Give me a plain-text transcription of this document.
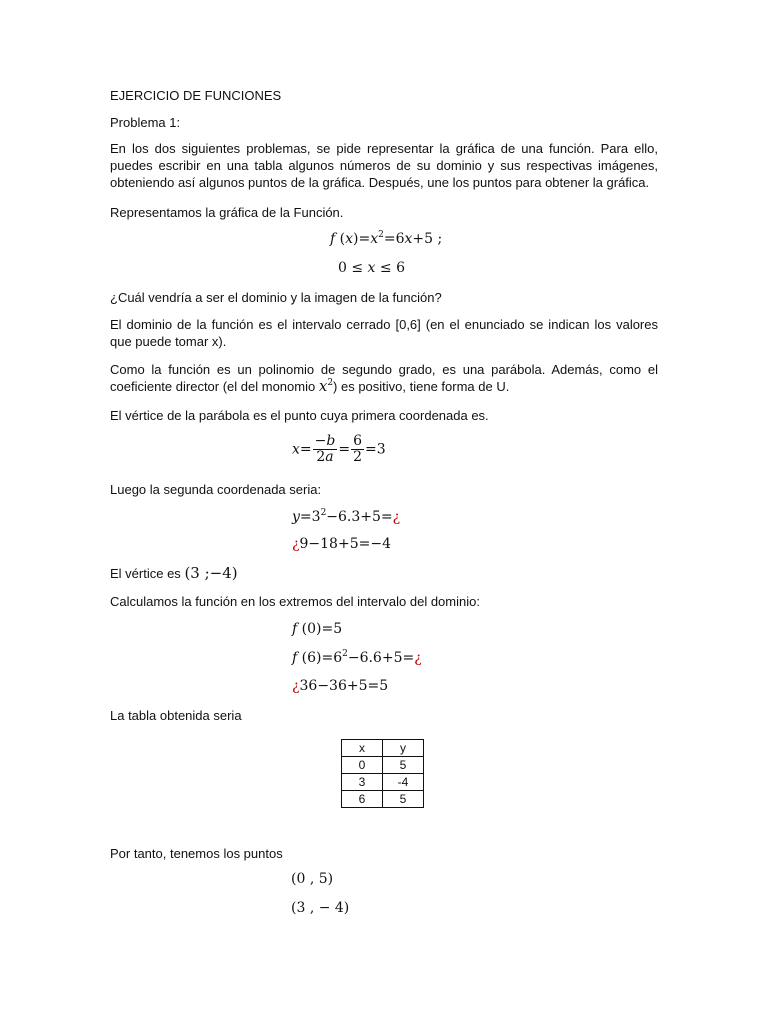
EJERCICIO DE FUNCIONES

Problema 1:

En los dos siguientes problemas, se pide representar la gráfica de una función. Para ello, puedes escribir en una tabla algunos números de su dominio y sus respectivas imágenes, obteniendo así algunos puntos de la gráfica. Después, une los puntos para obtener la gráfica.

Representamos la gráfica de la Función.

f $(x)=x^2=6x+5$ ;
0 ≤ x ≤ 6

¿Cuál vendría a ser el dominio y la imagen de la función?

El dominio de la función es el intervalo cerrado [0,6] (en el enunciado se indican los valores que puede tomar x).

Como la función es un polinomio de segundo grado, es una parábola. Además, como el coeficiente director (el del monomio $x^2$) es positivo, tiene forma de U.

El vértice de la parábola es el punto cuya primera coordenada es.

$x= \frac{-b}{2a} = \frac{6}{2} =3$

Luego la segunda coordenada seria:

$y=3^2-6.3+5=¿$
¿9−18+5=−4

El vértice es (3 ;−4)

Calculamos la función en los extremos del intervalo del dominio:

f (0)=5
f $(6)=6^2-6.6+5=¿$
¿36−36+5=5

La tabla obtenida seria

x	y
0	5
3	-4
6	5

Por tanto, tenemos los puntos

(0 , 5)
(3 , − 4)
